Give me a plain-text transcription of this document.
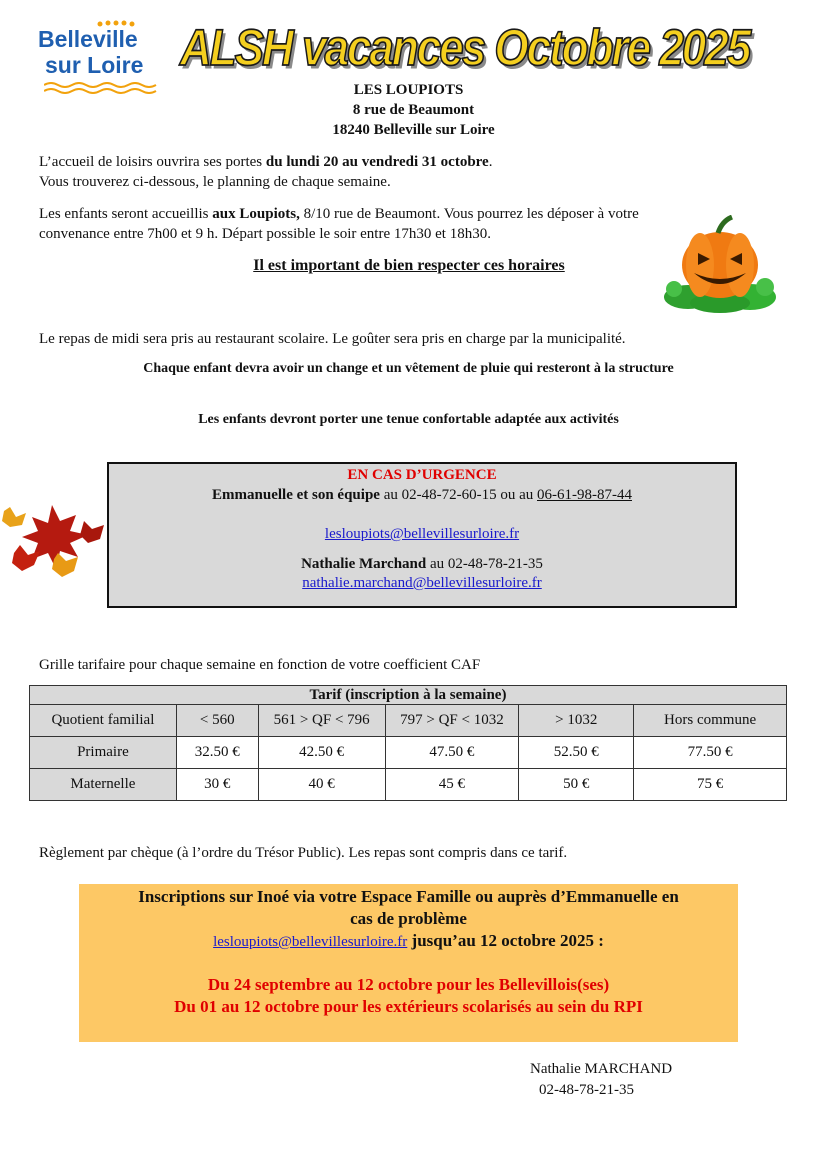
Belleville
sur Loire ALSH vacances Octobre 2025
LES LOUPIOTS
8 rue de Beaumont
18240 Belleville sur Loire
L’accueil de loisirs ouvrira ses portes du lundi 20 au vendredi 31 octobre.
Vous trouverez ci-dessous, le planning de chaque semaine.
Les enfants seront accueillis aux Loupiots, 8/10 rue de Beaumont. Vous pourrez les déposer à votre
convenance entre 7h00 et 9 h. Départ possible le soir entre 17h30 et 18h30.
Il est important de bien respecter ces horaires
Le repas de midi sera pris au restaurant scolaire. Le goûter sera pris en charge par la municipalité.
Chaque enfant devra avoir un change et un vêtement de pluie qui resteront à la structure
Les enfants devront porter une tenue confortable adaptée aux activités
EN CAS D’URGENCE
Emmanuelle et son équipe au 02-48-72-60-15 ou au 06-61-98-87-44
lesloupiots@bellevillesurloire.fr
Nathalie Marchand au 02-48-78-21-35
nathalie.marchand@bellevillesurloire.fr
Grille tarifaire pour chaque semaine en fonction de votre coefficient CAF
Tarif (inscription à la semaine)					
Quotient familial	< 560	561 > QF < 796	797 > QF < 1032	> 1032	Hors commune
Primaire	32.50 €	42.50 €	47.50 €	52.50 €	77.50 €
Maternelle	30 €	40 €	45 €	50 €	75 €
Règlement par chèque (à l’ordre du Trésor Public). Les repas sont compris dans ce tarif.
Inscriptions sur Inoé via votre Espace Famille ou auprès d’Emmanuelle en
cas de problème
lesloupiots@bellevillesurloire.fr jusqu’au 12 octobre 2025 :
Du 24 septembre au 12 octobre pour les Bellevillois(ses)
Du 01 au 12 octobre pour les extérieurs scolarisés au sein du RPI
Nathalie MARCHAND
02-48-78-21-35
